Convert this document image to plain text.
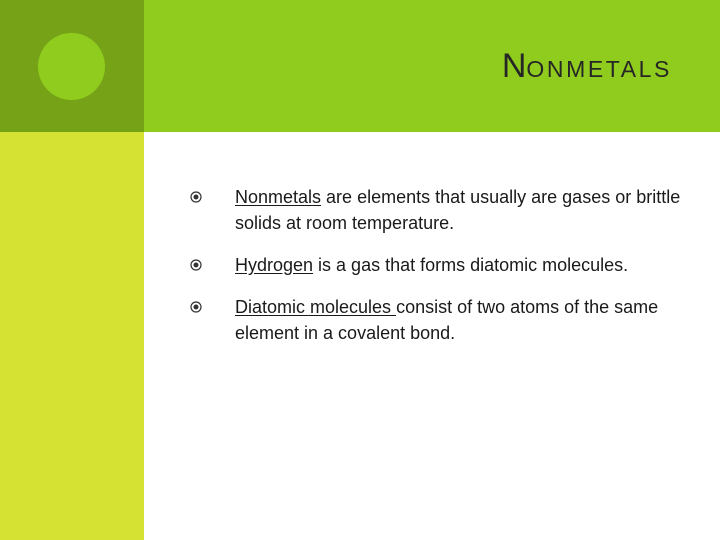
NONMETALS
Nonmetals are elements that usually are gases or brittle solids at room temperature.
Hydrogen is a gas that forms diatomic molecules.
Diatomic molecules consist of two atoms of the same element in a covalent bond.
